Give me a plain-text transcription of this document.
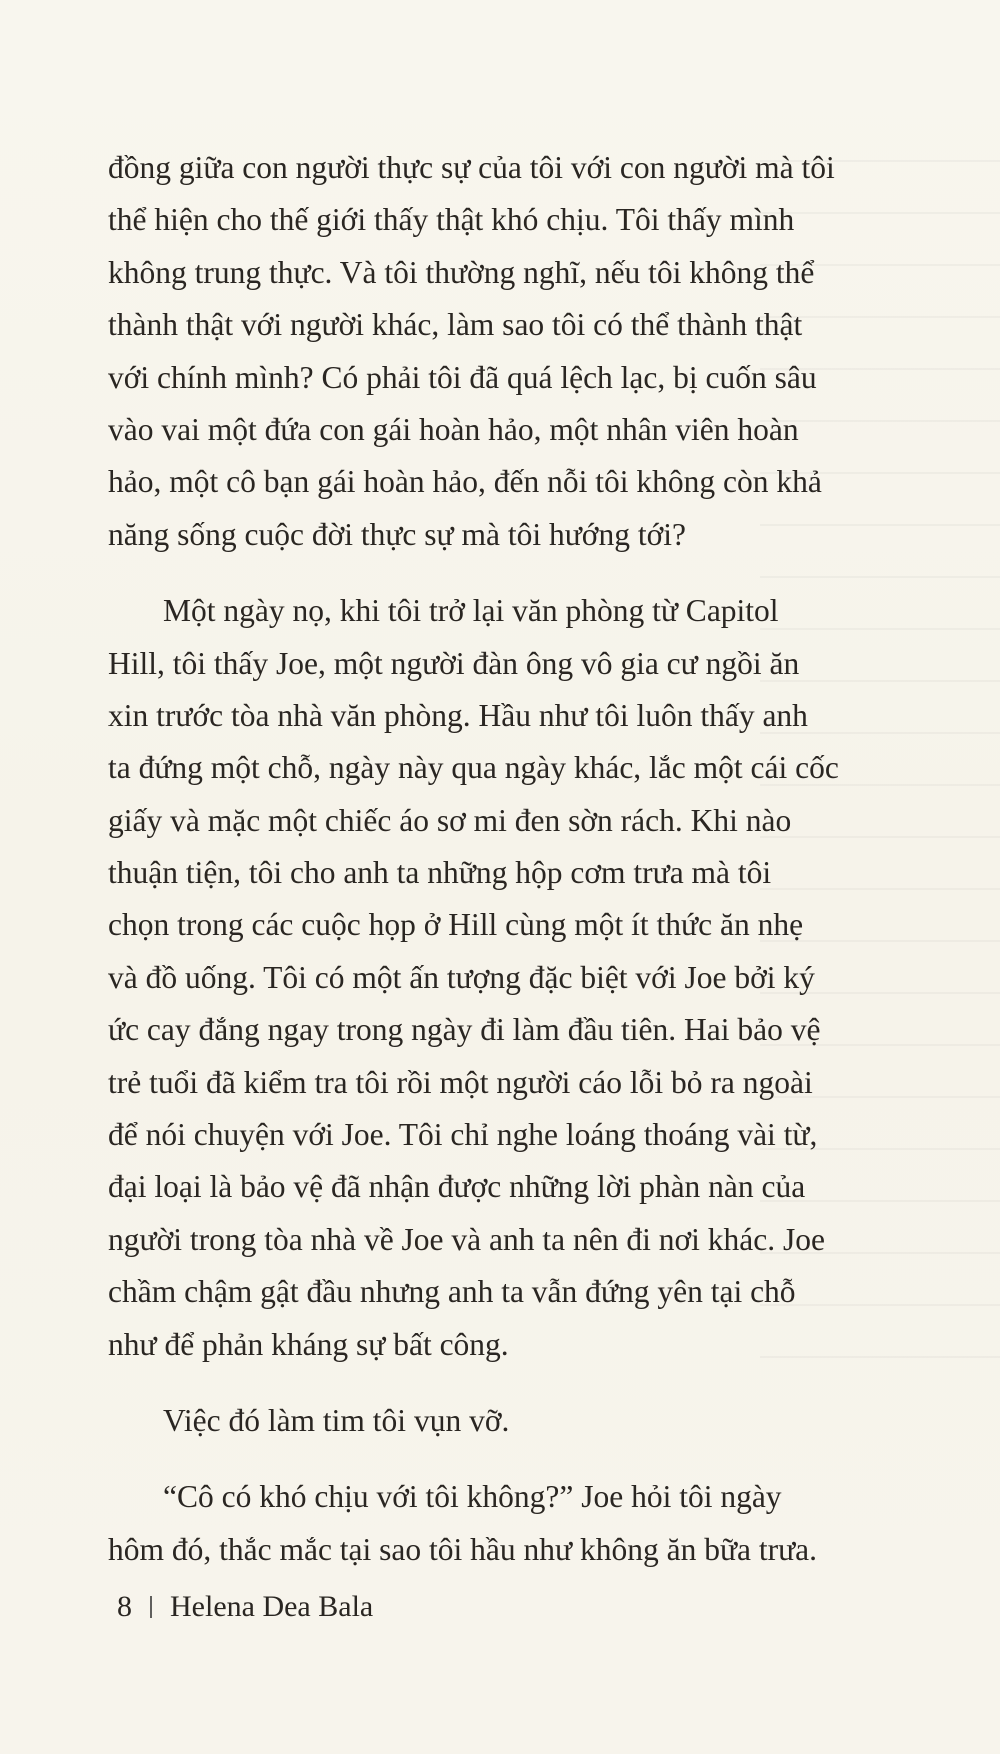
đồng giữa con người thực sự của tôi với con người mà tôi
thể hiện cho thế giới thấy thật khó chịu. Tôi thấy mình
không trung thực. Và tôi thường nghĩ, nếu tôi không thể
thành thật với người khác, làm sao tôi có thể thành thật
với chính mình? Có phải tôi đã quá lệch lạc, bị cuốn sâu
vào vai một đứa con gái hoàn hảo, một nhân viên hoàn
hảo, một cô bạn gái hoàn hảo, đến nỗi tôi không còn khả
năng sống cuộc đời thực sự mà tôi hướng tới?
Một ngày nọ, khi tôi trở lại văn phòng từ Capitol
Hill, tôi thấy Joe, một người đàn ông vô gia cư ngồi ăn
xin trước tòa nhà văn phòng. Hầu như tôi luôn thấy anh
ta đứng một chỗ, ngày này qua ngày khác, lắc một cái cốc
giấy và mặc một chiếc áo sơ mi đen sờn rách. Khi nào
thuận tiện, tôi cho anh ta những hộp cơm trưa mà tôi
chọn trong các cuộc họp ở Hill cùng một ít thức ăn nhẹ
và đồ uống. Tôi có một ấn tượng đặc biệt với Joe bởi ký
ức cay đắng ngay trong ngày đi làm đầu tiên. Hai bảo vệ
trẻ tuổi đã kiểm tra tôi rồi một người cáo lỗi bỏ ra ngoài
để nói chuyện với Joe. Tôi chỉ nghe loáng thoáng vài từ,
đại loại là bảo vệ đã nhận được những lời phàn nàn của
người trong tòa nhà về Joe và anh ta nên đi nơi khác. Joe
chầm chậm gật đầu nhưng anh ta vẫn đứng yên tại chỗ
như để phản kháng sự bất công.
Việc đó làm tim tôi vụn vỡ.
“Cô có khó chịu với tôi không?” Joe hỏi tôi ngày
hôm đó, thắc mắc tại sao tôi hầu như không ăn bữa trưa.
8 Helena Dea Bala
